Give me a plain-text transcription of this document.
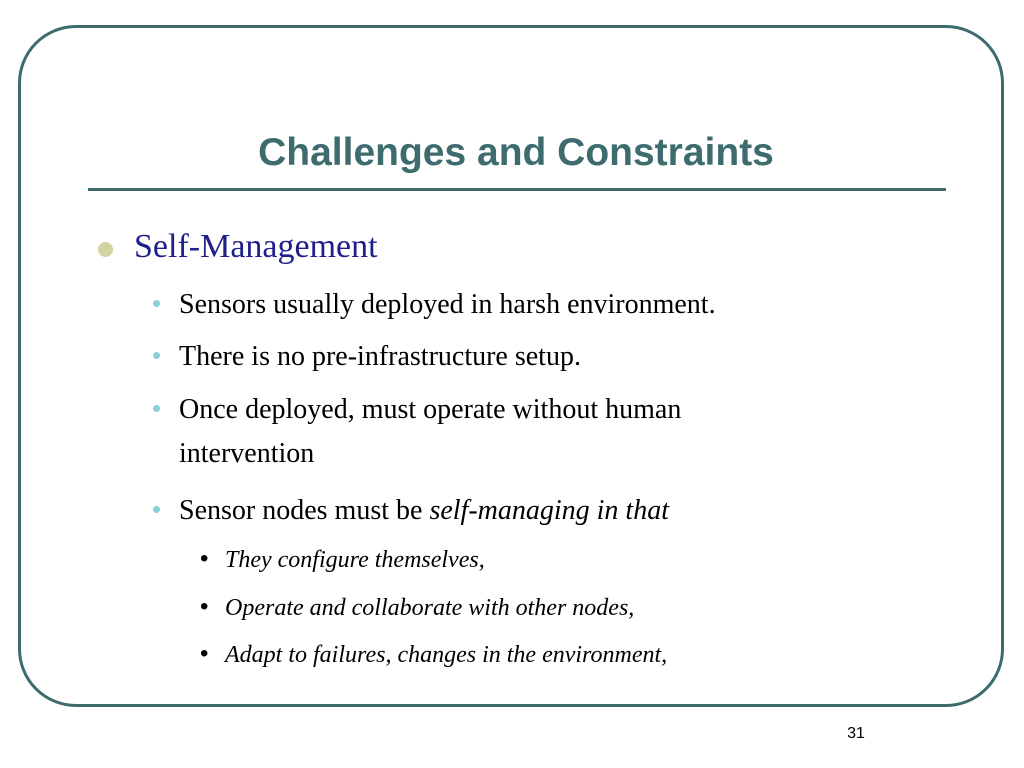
Challenges and Constraints
Self-Management
• Sensors usually deployed in harsh environment.
• There is no pre-infrastructure setup.
• Once deployed, must operate without human
intervention
• Sensor nodes must be self-managing in that
• They configure themselves,
• Operate and collaborate with other nodes,
• Adapt to failures, changes in the environment,
31
